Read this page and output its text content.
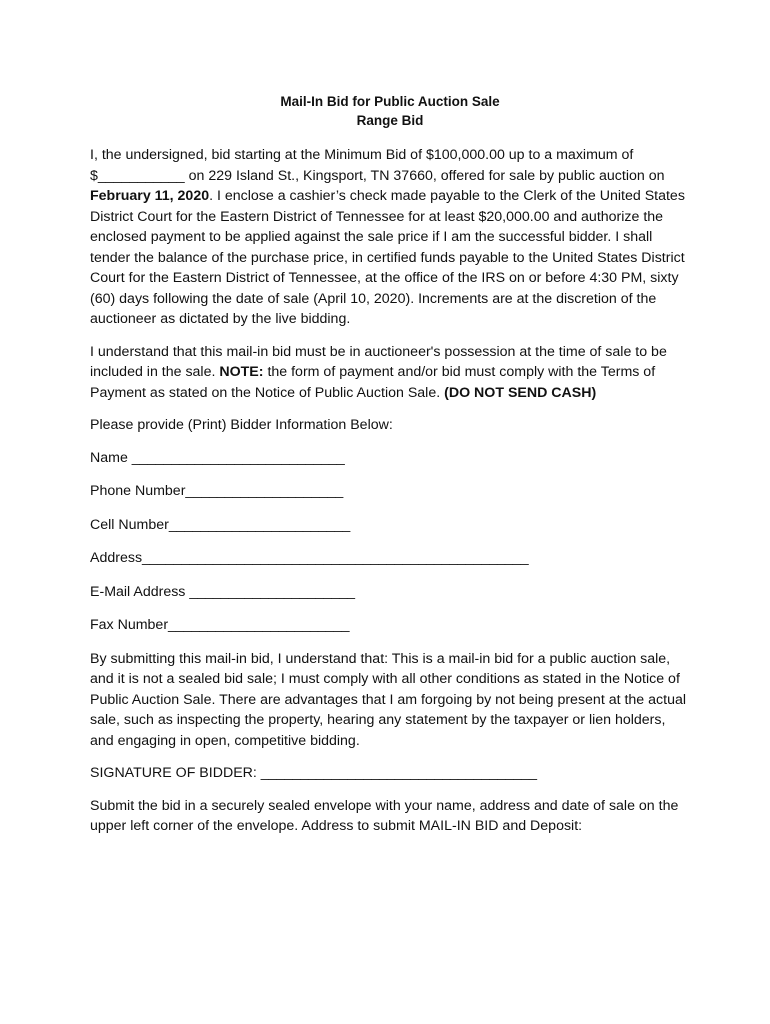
Mail-In Bid for Public Auction Sale
Range Bid

I, the undersigned, bid starting at the Minimum Bid of $100,000.00 up to a maximum of $___________ on 229 Island St., Kingsport, TN 37660, offered for sale by public auction on February 11, 2020. I enclose a cashier’s check made payable to the Clerk of the United States District Court for the Eastern District of Tennessee for at least $20,000.00 and authorize the enclosed payment to be applied against the sale price if I am the successful bidder. I shall tender the balance of the purchase price, in certified funds payable to the United States District Court for the Eastern District of Tennessee, at the office of the IRS on or before 4:30 PM, sixty (60) days following the date of sale (April 10, 2020). Increments are at the discretion of the auctioneer as dictated by the live bidding.

I understand that this mail-in bid must be in auctioneer's possession at the time of sale to be included in the sale. NOTE: the form of payment and/or bid must comply with the Terms of Payment as stated on the Notice of Public Auction Sale. (DO NOT SEND CASH)

Please provide (Print) Bidder Information Below:

Name ___________________________
Phone Number____________________
Cell Number_______________________
Address_________________________________________________
E-Mail Address _____________________
Fax Number_______________________

By submitting this mail-in bid, I understand that: This is a mail-in bid for a public auction sale, and it is not a sealed bid sale; I must comply with all other conditions as stated in the Notice of Public Auction Sale. There are advantages that I am forgoing by not being present at the actual sale, such as inspecting the property, hearing any statement by the taxpayer or lien holders, and engaging in open, competitive bidding.

SIGNATURE OF BIDDER: ___________________________________

Submit the bid in a securely sealed envelope with your name, address and date of sale on the upper left corner of the envelope. Address to submit MAIL-IN BID and Deposit:
